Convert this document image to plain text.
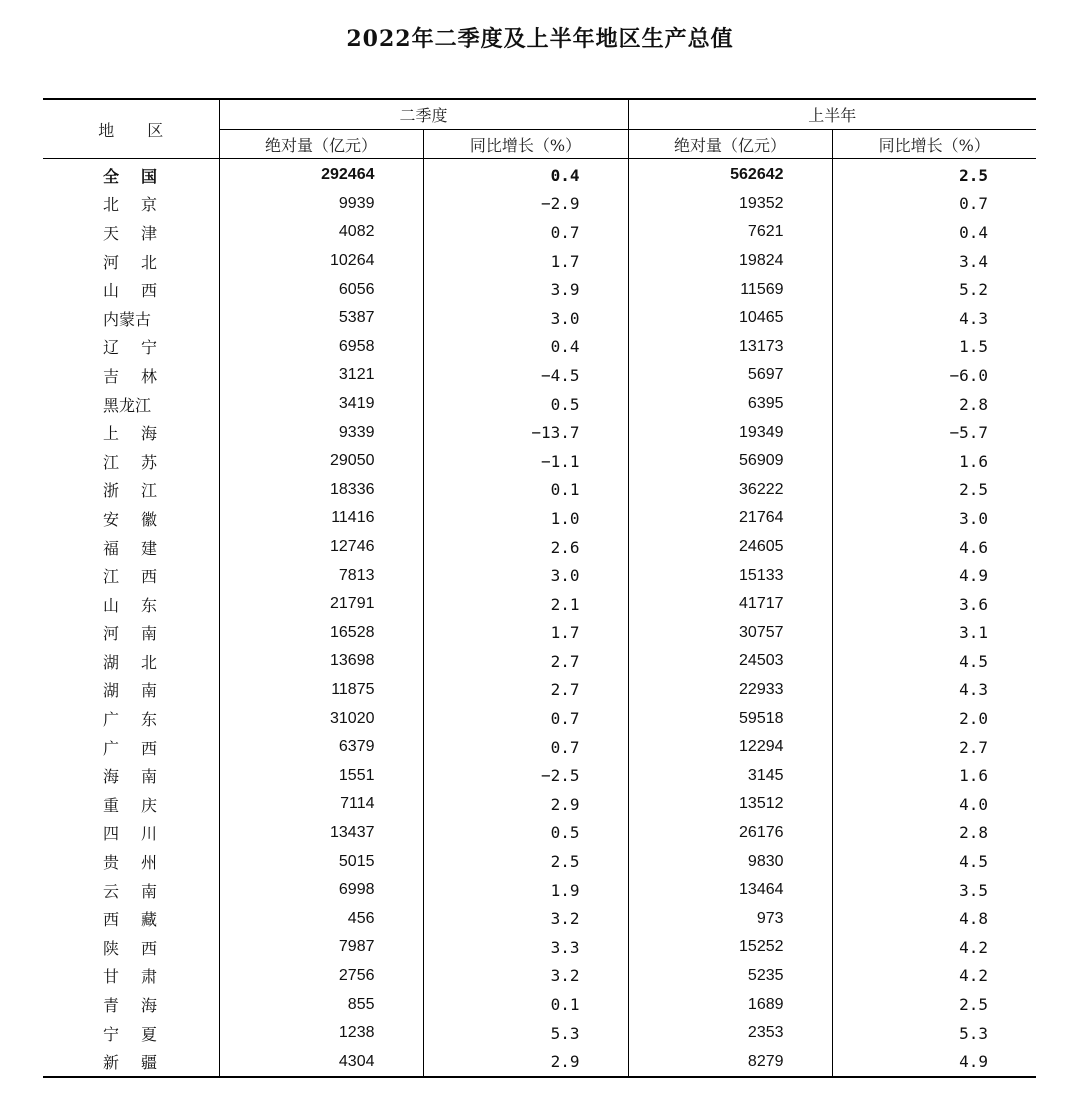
2022年二季度及上半年地区生产总值
地 区	二季度		上半年	
	绝对量（亿元）	同比增长（%）	绝对量（亿元）	同比增长（%）
全国	292464	0.4	562642	2.5
北京	9939	−2.9	19352	0.7
天津	4082	0.7	7621	0.4
河北	10264	1.7	19824	3.4
山西	6056	3.9	11569	5.2
内蒙古	5387	3.0	10465	4.3
辽宁	6958	0.4	13173	1.5
吉林	3121	−4.5	5697	−6.0
黑龙江	3419	0.5	6395	2.8
上海	9339	−13.7	19349	−5.7
江苏	29050	−1.1	56909	1.6
浙江	18336	0.1	36222	2.5
安徽	11416	1.0	21764	3.0
福建	12746	2.6	24605	4.6
江西	7813	3.0	15133	4.9
山东	21791	2.1	41717	3.6
河南	16528	1.7	30757	3.1
湖北	13698	2.7	24503	4.5
湖南	11875	2.7	22933	4.3
广东	31020	0.7	59518	2.0
广西	6379	0.7	12294	2.7
海南	1551	−2.5	3145	1.6
重庆	7114	2.9	13512	4.0
四川	13437	0.5	26176	2.8
贵州	5015	2.5	9830	4.5
云南	6998	1.9	13464	3.5
西藏	456	3.2	973	4.8
陕西	7987	3.3	15252	4.2
甘肃	2756	3.2	5235	4.2
青海	855	0.1	1689	2.5
宁夏	1238	5.3	2353	5.3
新疆	4304	2.9	8279	4.9
